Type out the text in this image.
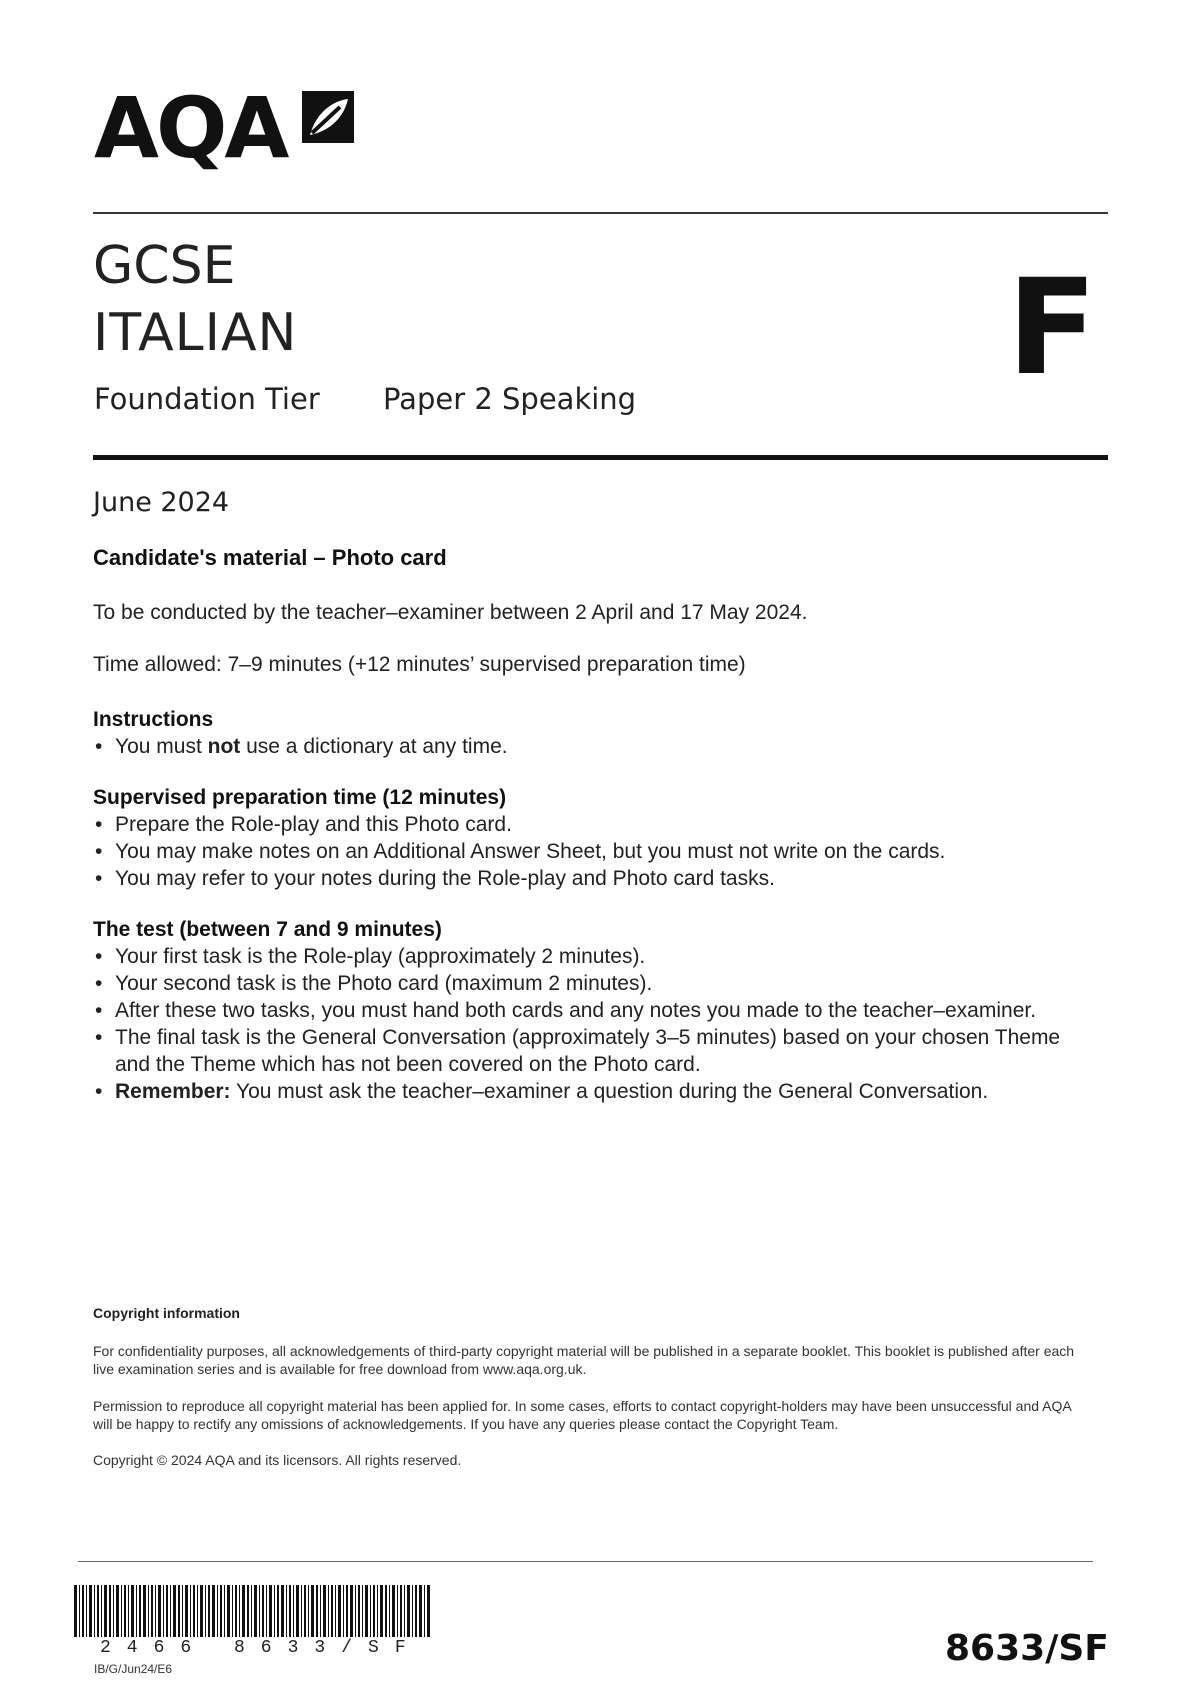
AQA
GCSE
ITALIAN
Foundation Tier Paper 2 Speaking	F
June 2024
Candidate's material – Photo card
To be conducted by the teacher–examiner between 2 April and 17 May 2024.
Time allowed: 7–9 minutes (+12 minutes’ supervised preparation time)
Instructions
• You must not use a dictionary at any time.
Supervised preparation time (12 minutes)
• Prepare the Role-play and this Photo card.
• You may make notes on an Additional Answer Sheet, but you must not write on the cards.
• You may refer to your notes during the Role-play and Photo card tasks.
The test (between 7 and 9 minutes)
• Your first task is the Role-play (approximately 2 minutes).
• Your second task is the Photo card (maximum 2 minutes).
• After these two tasks, you must hand both cards and any notes you made to the teacher–examiner.
• The final task is the General Conversation (approximately 3–5 minutes) based on your chosen Theme and the Theme which has not been covered on the Photo card.
• Remember: You must ask the teacher–examiner a question during the General Conversation.
Copyright information
For confidentiality purposes, all acknowledgements of third-party copyright material will be published in a separate booklet. This booklet is published after each live examination series and is available for free download from www.aqa.org.uk.
Permission to reproduce all copyright material has been applied for. In some cases, efforts to contact copyright-holders may have been unsuccessful and AQA will be happy to rectify any omissions of acknowledgements. If you have any queries please contact the Copyright Team.
Copyright © 2024 AQA and its licensors. All rights reserved.
2466 8633/SF
IB/G/Jun24/E6	8633/SF
